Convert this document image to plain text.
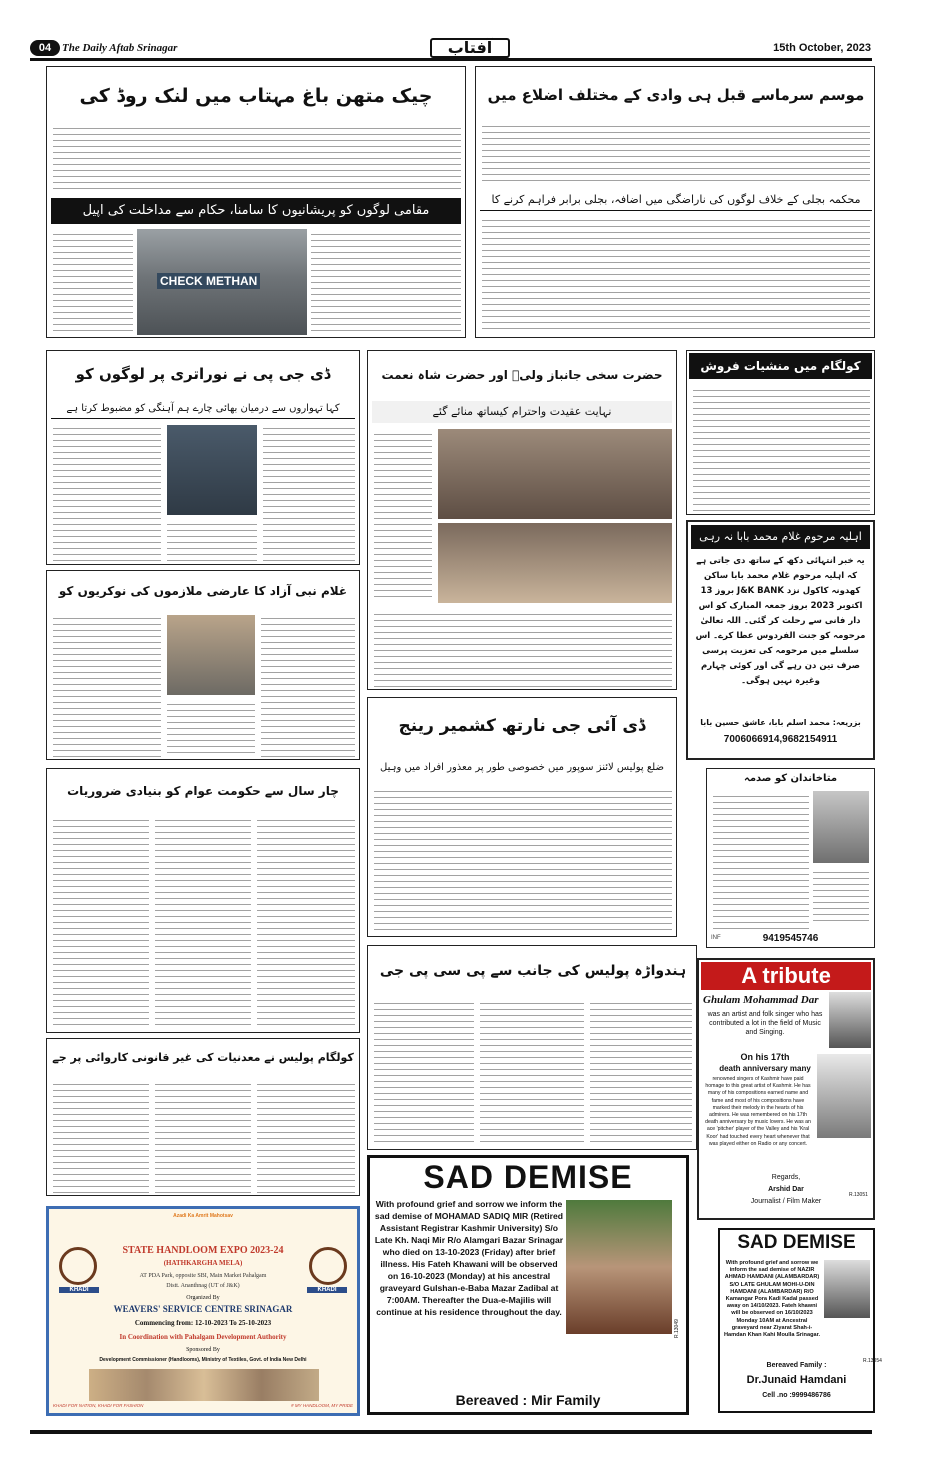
04 The Daily Aftab Srinagar	آفتاب	15th October, 2023
چیک متھن باغ مہتاب میں لنک روڈ کی
مقامی لوگوں کو پریشانیوں کا سامنا، حکام سے مداخلت کی اپیل
CHECK METHAN
موسم سرماسے قبل ہی وادی کے مختلف اضلاع میں
محکمہ بجلی کے خلاف لوگوں کی ناراضگی میں اضافہ، بجلی برابر فراہم کرنے کا
ڈی جی پی نے نوراتری پر لوگوں کو
کہا تہواروں سے درمیان بھائی چارے ہم آہنگی کو مضبوط کرتا ہے
غلام نبی آزاد کا عارضی ملازموں کی نوکریوں کو
حضرت سخی جانباز ولیؒ اور حضرت شاہ نعمت
نہایت عقیدت واحترام کیساتھ منائے گئے
کولگام میں منشیات فروش
اہلیہ مرحوم غلام محمد بابا نہ رہی
یہ خبر انتہائی دکھ کے ساتھ دی جاتی ہے کہ اہلیہ مرحوم غلام محمد بابا ساکن کھدونہ کاکول نزد J&K BANK بروز 13 اکتوبر 2023 بروز جمعہ المبارک کو اس دار فانی سے رحلت کر گئی۔ اللہ تعالیٰ مرحومہ کو جنت الفردوس عطا کرے۔ اس سلسلے میں مرحومہ کی تعزیت پرسی صرف تین دن رہے گی اور کوئی چہارم وغیرہ نہیں ہوگی۔
بزریعہ: محمد اسلم بابا، عاشق حسین بابا
7006066914,9682154911
ڈی آئی جی نارتھ کشمیر رینج
ضلع پولیس لائنز سوپور میں خصوصی طور پر معذور افراد میں وہیل
متاخاندان کو صدمہ
9419545746
INF
چار سال سے حکومت عوام کو بنیادی ضروریات
ہندواڑہ پولیس کی جانب سے پی سی پی جی
کولگام پولیس نے معدنیات کی غیر قانونی کاروائی پر جے
A tribute
Ghulam Mohammad Dar
was an artist and folk singer who has contributed a lot in the field of Music and Singing.
On his 17th
death anniversary many
renowned singers of Kashmir have paid homage to this great artist of Kashmir. He has many of his compositions earned name and fame and most of his compositions have marked their melody in the hearts of his admirers. He was remembered on his 17th death anniversary by music lovers. He was an ace 'pitcher' player of the Valley and his 'Kral Koor' had touched every heart whenever that was played either on Radio or any concert.
Regards,
Arshid Dar
Journalist / Film Maker
R.13051
SAD DEMISE
With profound grief and sorrow we inform the sad demise of MOHAMAD SADIQ MIR (Retired Assistant Registrar Kashmir University) S/o Late Kh. Naqi Mir R/o Alamgari Bazar Srinagar who died on 13-10-2023 (Friday) after brief illness. His Fateh Khawani will be observed on 16-10-2023 (Monday) at his ancestral graveyard Gulshan-e-Baba Mazar Zadibal at 7:00AM. Thereafter the Dua-e-Majilis will continue at his residence throughout the day.
R.13049
Bereaved : Mir Family
SAD DEMISE
With profound grief and sorrow we inform the sad demise of NAZIR AHMAD HAMDANI (ALAMBARDAR) S/O LATE GHULAM MOHI-U-DIN HAMDANI (ALAMBARDAR) R/O Kamangar Pora Kadi Kadal passed away on 14/10/2023. Fateh khawni will be observed on 16/10/2023 Monday 10AM at Ancestral graveyard near Ziyarat Shah-i-Hamdan Khan Kahi Moulla Srinagar.
Bereaved Family :
Dr.Junaid Hamdani
Cell .no :9999486786
R.13054
Azadi Ka Amrit Mahotsav
KHADI	KHADI
STATE HANDLOOM EXPO 2023-24
(HATHKARGHA MELA)
AT PDA Park, opposite SBI, Main Market Pahalgam
Distt. Ananthnag (UT of J&K)
Organized By
WEAVERS' SERVICE CENTRE SRINAGAR
Commencing from: 12-10-2023 To 25-10-2023
In Coordination with Pahalgam Development Authority
Sponsored By
Development Commissioner (Handlooms), Ministry of Textiles, Govt. of India New Delhi
KHADI FOR NATION, KHADI FOR FASHION	# MY HANDLOOM, MY PRIDE
